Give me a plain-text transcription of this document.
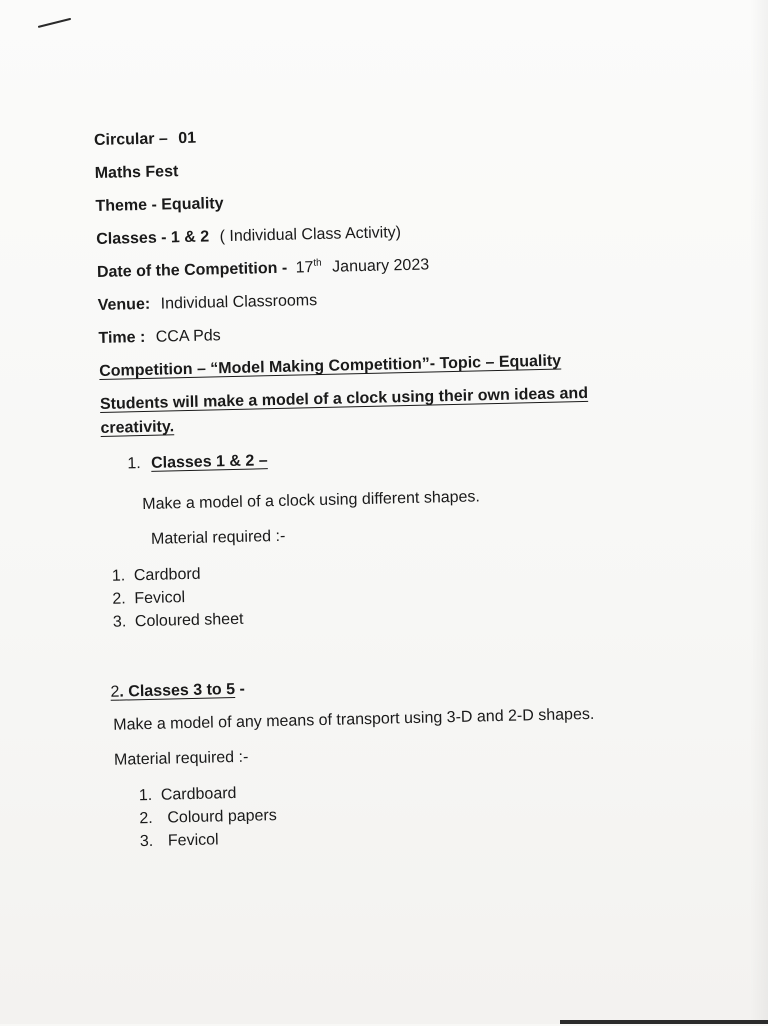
Circular – 01
Maths Fest
Theme - Equality
Classes - 1 & 2 ( Individual Class Activity)
Date of the Competition - 17th January 2023
Venue: Individual Classrooms
Time : CCA Pds
Competition – “Model Making Competition”- Topic – Equality
Students will make a model of a clock using their own ideas and
creativity.
1. Classes 1 & 2 –
Make a model of a clock using different shapes.
Material required :-
1. Cardbord
2. Fevicol
3. Coloured sheet
2. Classes 3 to 5 -
Make a model of any means of transport using 3-D and 2-D shapes.
Material required :-
1. Cardboard
2. Colourd papers
3. Fevicol
